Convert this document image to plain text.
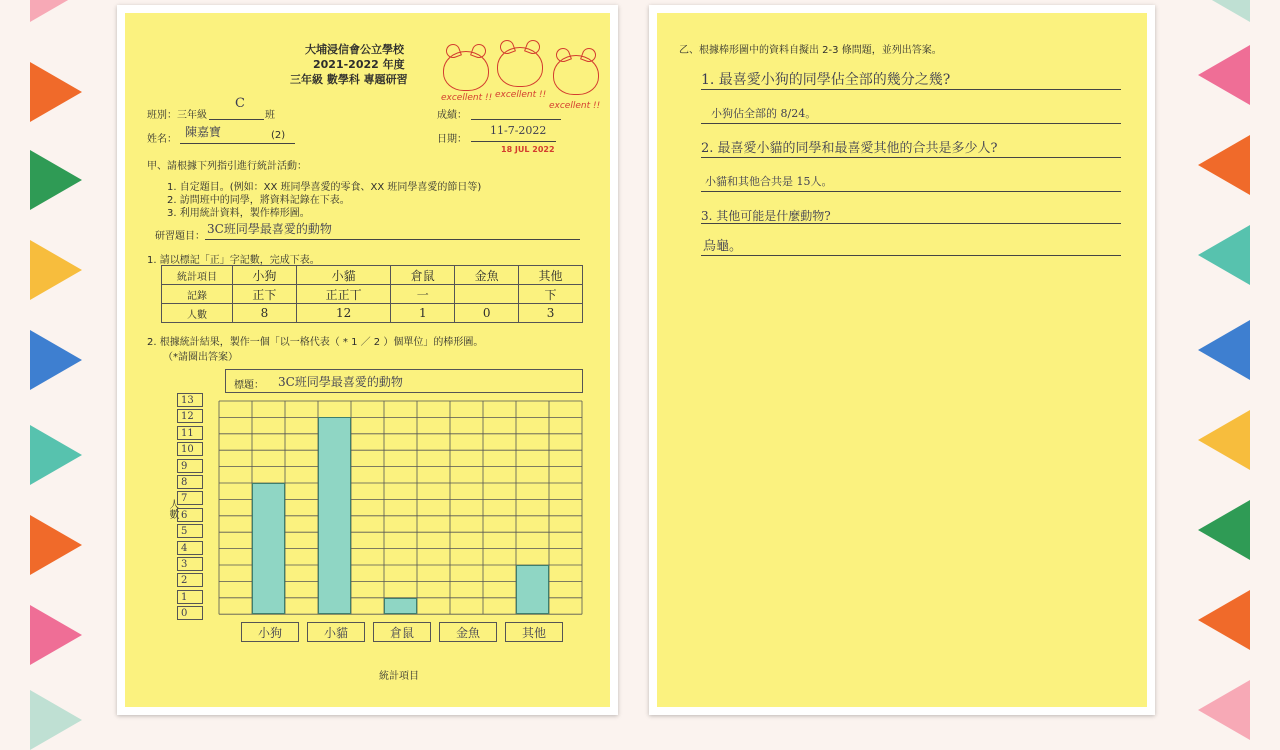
大埔浸信會公立學校
2021-2022 年度
三年級 數學科 專題研習
excellent !! excellent !!
excellent !!
班別：三年級
C
班	成績：
姓名：
陳嘉寶	(2)	日期：
11-7-2022
18 JUL 2022
甲、請根據下列指引進行統計活動：
1. 自定題目。(例如：XX 班同學喜愛的零食、XX 班同學喜愛的節日等)
2. 訪問班中的同學，將資料記錄在下表。
3. 利用統計資料，製作棒形圖。
研習題目：
3C班同學最喜愛的動物
1. 請以標記「正」字記數，完成下表。
統計項目	小狗	小貓	倉鼠	金魚	其他
記錄	正下	正正丅	一		下
人數	8	12	1	0	3
2. 根據統計結果，製作一個「以一格代表（ * 1 ／ 2 ）個單位」的棒形圖。
（*請圈出答案）
標題： 3C班同學最喜愛的動物
人數
0
1
2
3
4
5
6
7
8
9
10
11
12
13
小狗	小貓	倉鼠	金魚	其他
統計項目
乙、根據棒形圖中的資料自擬出 2-3 條問題，並列出答案。
1. 最喜愛小狗的同學佔全部的幾分之幾?
小狗佔全部的 8/24。
2. 最喜愛小貓的同學和最喜愛其他的合共是多少人?
小貓和其他合共是 15人。
3. 其他可能是什麼動物?
烏龜。
